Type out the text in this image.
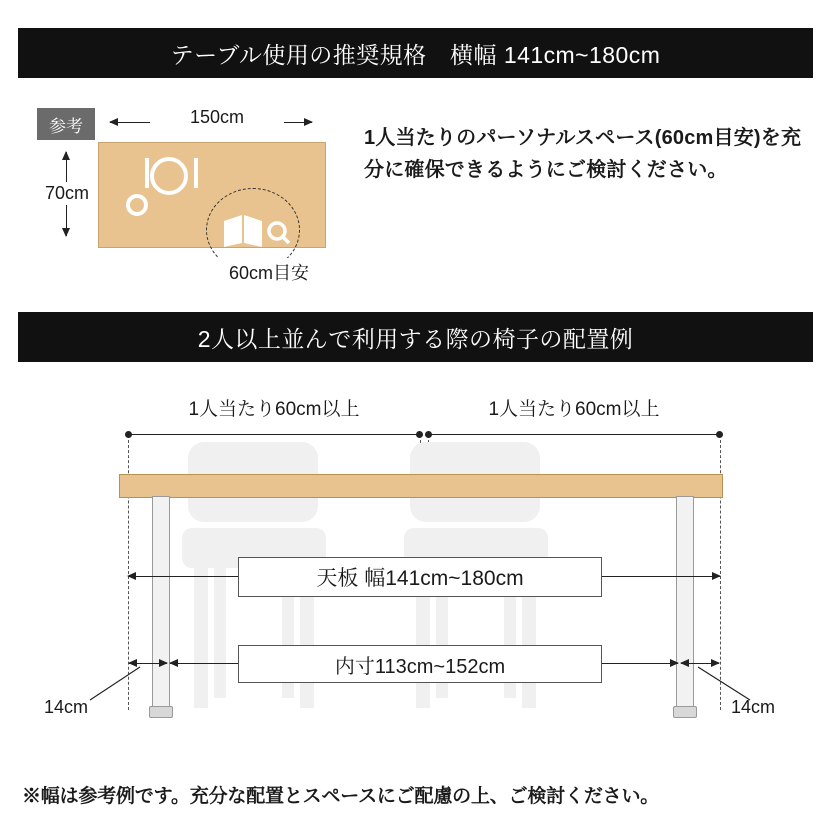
テーブル使用の推奨規格　横幅 141cm~180cm
参考	150cm
70cm
60cm目安
1人当たりのパーソナルスペース(60cm目安)を充分に確保できるようにご検討ください。
2人以上並んで利用する際の椅子の配置例
1人当たり60cm以上	1人当たり60cm以上
天板 幅141cm~180cm
内寸113cm~152cm
14cm	14cm
※幅は参考例です。充分な配置とスペースにご配慮の上、ご検討ください。
